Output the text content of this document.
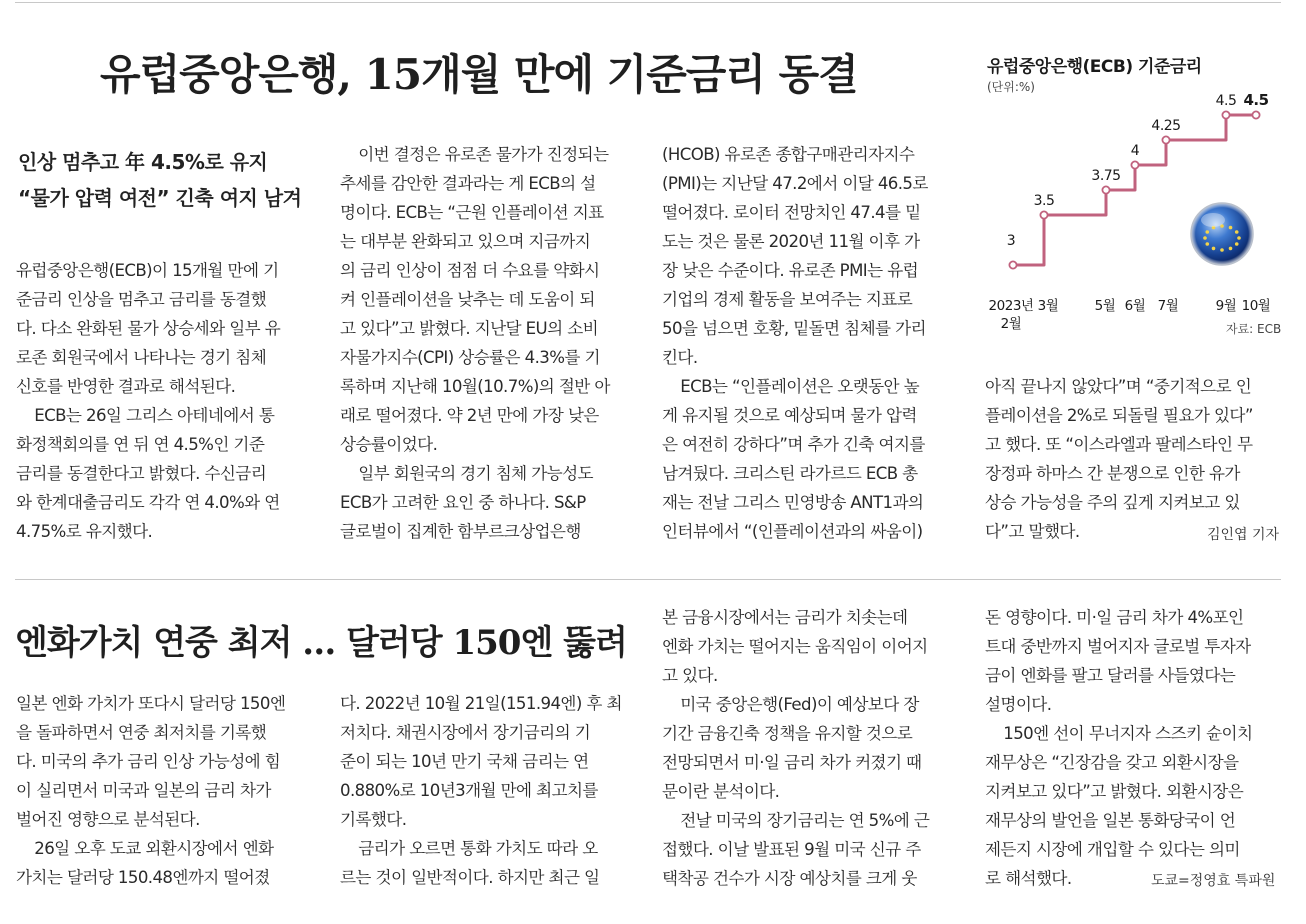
유럽중앙은행, 15개월 만에 기준금리 동결
인상 멈추고 年 4.5%로 유지
“물가 압력 여전” 긴축 여지 남겨
유럽중앙은행(ECB)이 15개월 만에 기
준금리 인상을 멈추고 금리를 동결했
다. 다소 완화된 물가 상승세와 일부 유
로존 회원국에서 나타나는 경기 침체
신호를 반영한 결과로 해석된다.
ECB는 26일 그리스 아테네에서 통
화정책회의를 연 뒤 연 4.5%인 기준
금리를 동결한다고 밝혔다. 수신금리
와 한계대출금리도 각각 연 4.0%와 연
4.75%로 유지했다.
이번 결정은 유로존 물가가 진정되는
추세를 감안한 결과라는 게 ECB의 설
명이다. ECB는 “근원 인플레이션 지표
는 대부분 완화되고 있으며 지금까지
의 금리 인상이 점점 더 수요를 약화시
켜 인플레이션을 낮추는 데 도움이 되
고 있다”고 밝혔다. 지난달 EU의 소비
자물가지수(CPI) 상승률은 4.3%를 기
록하며 지난해 10월(10.7%)의 절반 아
래로 떨어졌다. 약 2년 만에 가장 낮은
상승률이었다.
일부 회원국의 경기 침체 가능성도
ECB가 고려한 요인 중 하나다. S&P
글로벌이 집계한 함부르크상업은행
(HCOB) 유로존 종합구매관리자지수
(PMI)는 지난달 47.2에서 이달 46.5로
떨어졌다. 로이터 전망치인 47.4를 밑
도는 것은 물론 2020년 11월 이후 가
장 낮은 수준이다. 유로존 PMI는 유럽
기업의 경제 활동을 보여주는 지표로
50을 넘으면 호황, 밑돌면 침체를 가리
킨다.
ECB는 “인플레이션은 오랫동안 높
게 유지될 것으로 예상되며 물가 압력
은 여전히 강하다”며 추가 긴축 여지를
남겨뒀다. 크리스틴 라가르드 ECB 총
재는 전날 그리스 민영방송 ANT1과의
인터뷰에서 “(인플레이션과의 싸움이)
유럽중앙은행(ECB) 기준금리
(단위:%)
3
3.5
3.75
4
4.25
4.5 4.5
2023년
2월
3월	5월 6월 7월	9월 10월
자료: ECB
아직 끝나지 않았다”며 “중기적으로 인
플레이션을 2%로 되돌릴 필요가 있다”
고 했다. 또 “이스라엘과 팔레스타인 무
장정파 하마스 간 분쟁으로 인한 유가
상승 가능성을 주의 깊게 지켜보고 있
다”고 말했다.	김인엽 기자
엔화가치 연중 최저 … 달러당 150엔 뚫려
일본 엔화 가치가 또다시 달러당 150엔
을 돌파하면서 연중 최저치를 기록했
다. 미국의 추가 금리 인상 가능성에 힘
이 실리면서 미국과 일본의 금리 차가
벌어진 영향으로 분석된다.
26일 오후 도쿄 외환시장에서 엔화
가치는 달러당 150.48엔까지 떨어졌
다. 2022년 10월 21일(151.94엔) 후 최
저치다. 채권시장에서 장기금리의 기
준이 되는 10년 만기 국채 금리는 연
0.880%로 10년3개월 만에 최고치를
기록했다.
금리가 오르면 통화 가치도 따라 오
르는 것이 일반적이다. 하지만 최근 일
본 금융시장에서는 금리가 치솟는데
엔화 가치는 떨어지는 움직임이 이어지
고 있다.
미국 중앙은행(Fed)이 예상보다 장
기간 금융긴축 정책을 유지할 것으로
전망되면서 미·일 금리 차가 커졌기 때
문이란 분석이다.
전날 미국의 장기금리는 연 5%에 근
접했다. 이날 발표된 9월 미국 신규 주
택착공 건수가 시장 예상치를 크게 웃
돈 영향이다. 미·일 금리 차가 4%포인
트대 중반까지 벌어지자 글로벌 투자자
금이 엔화를 팔고 달러를 사들였다는
설명이다.
150엔 선이 무너지자 스즈키 슌이치
재무상은 “긴장감을 갖고 외환시장을
지켜보고 있다”고 밝혔다. 외환시장은
재무상의 발언을 일본 통화당국이 언
제든지 시장에 개입할 수 있다는 의미
로 해석했다.	도쿄=정영효 특파원
